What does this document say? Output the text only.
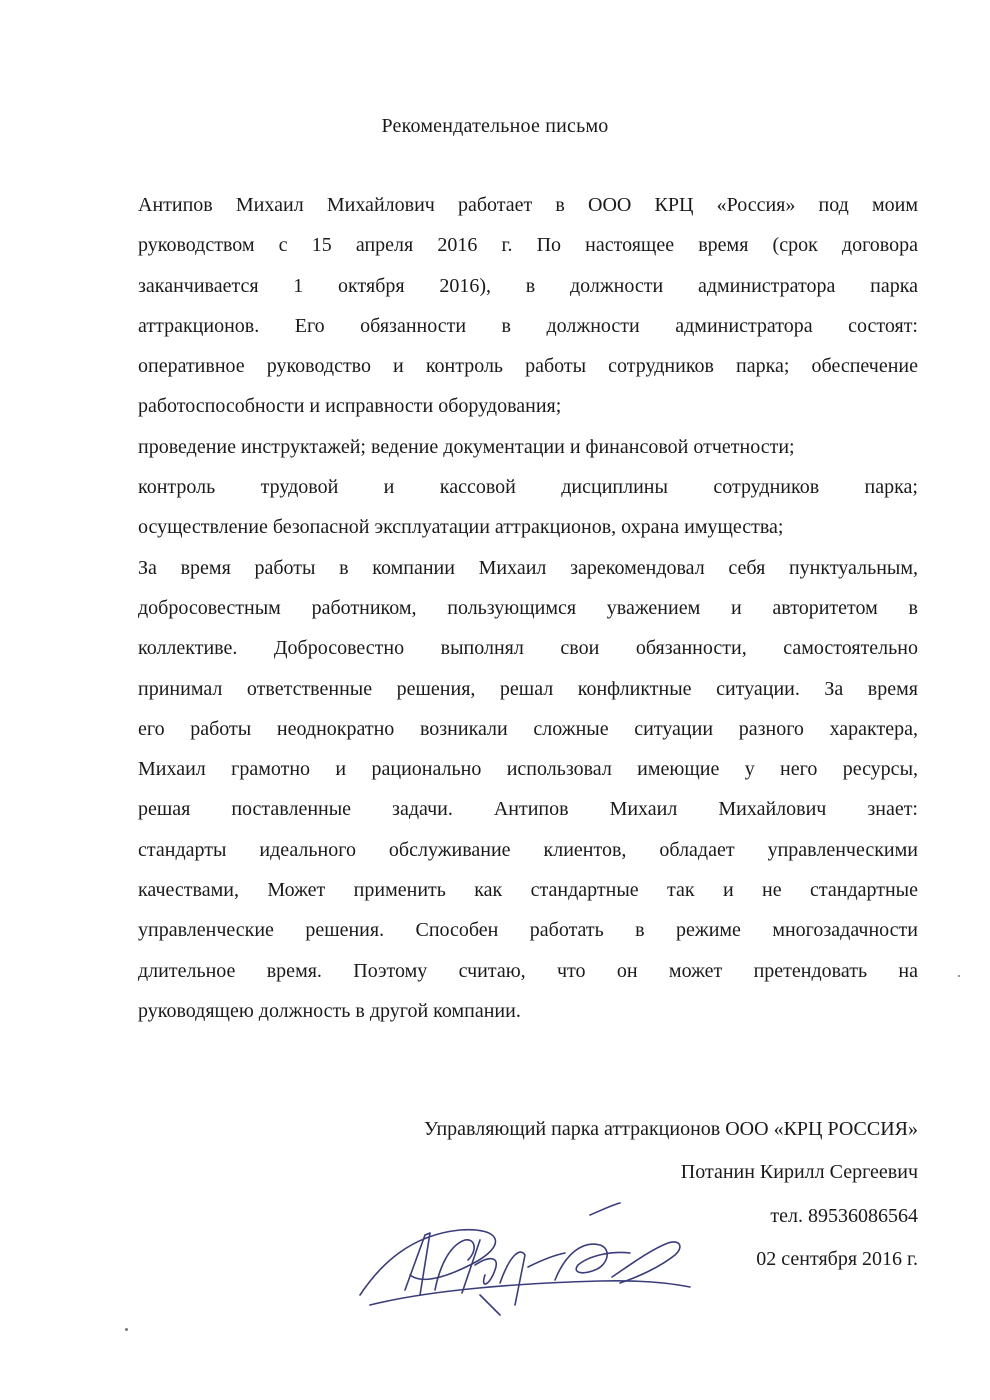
Рекомендательное письмо
Антипов Михаил Михайлович работает в ООО КРЦ «Россия» под моим
руководством с 15 апреля 2016 г. По настоящее время (срок договора
заканчивается 1 октября 2016), в должности администратора парка
аттракционов. Его обязанности в должности администратора состоят:
оперативное руководство и контроль работы сотрудников парка; обеспечение
работоспособности и исправности оборудования;
проведение инструктажей; ведение документации и финансовой отчетности;
контроль трудовой и кассовой дисциплины сотрудников парка;
осуществление безопасной эксплуатации аттракционов, охрана имущества;
За время работы в компании Михаил зарекомендовал себя пунктуальным,
добросовестным работником, пользующимся уважением и авторитетом в
коллективе. Добросовестно выполнял свои обязанности, самостоятельно
принимал ответственные решения, решал конфликтные ситуации. За время
его работы неоднократно возникали сложные ситуации разного характера,
Михаил грамотно и рационально использовал имеющие у него ресурсы,
решая поставленные задачи. Антипов Михаил Михайлович знает:
стандарты идеального обслуживание клиентов, обладает управленческими
качествами, Может применить как стандартные так и не стандартные
управленческие решения. Способен работать в режиме многозадачности
длительное время. Поэтому считаю, что он может претендовать на
руководящею должность в другой компании.
Управляющий парка аттракционов ООО «КРЦ РОССИЯ»
Потанин Кирилл Сергеевич
тел. 89536086564
02 сентября 2016 г.
